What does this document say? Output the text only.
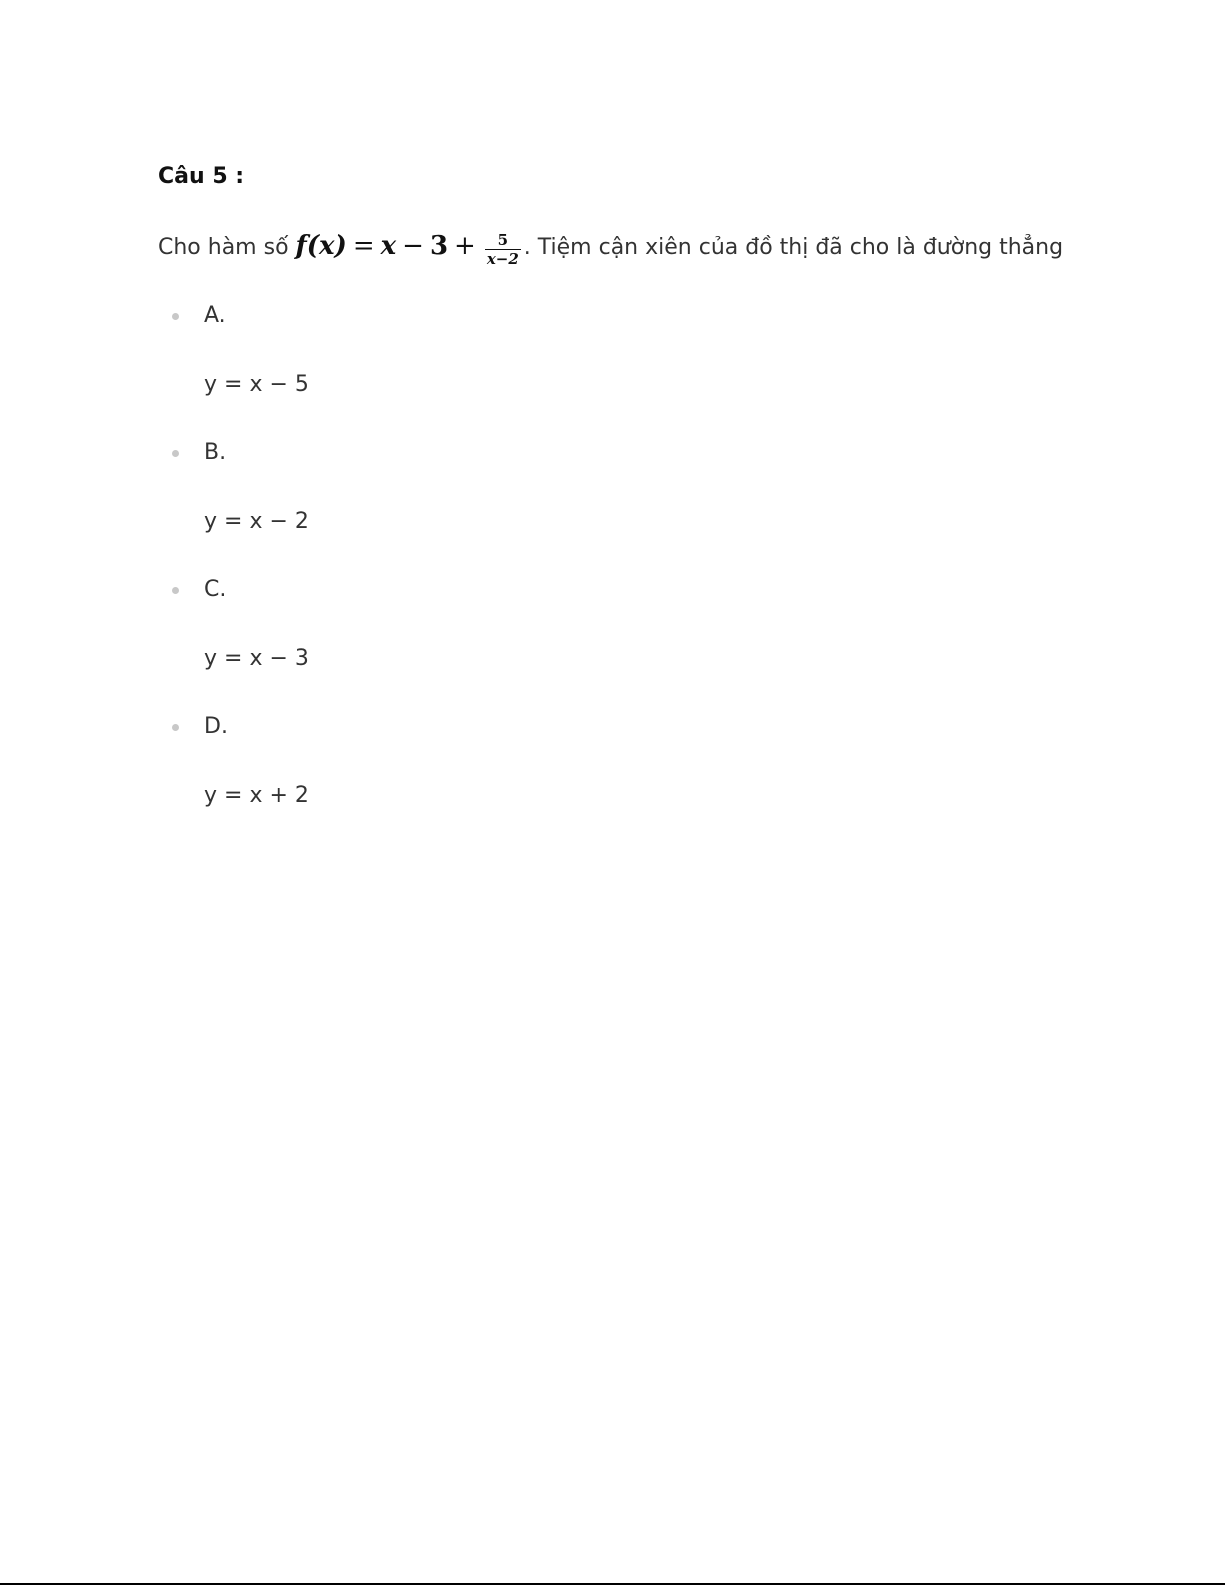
Câu 5 :

Cho hàm số $f(x) = x - 3 + \frac{5}{x-2}$ . Tiệm cận xiên của đồ thị đã cho là đường thẳng
A.
y = x − 5
B.
y = x − 2
C.
y = x − 3
D.
y = x + 2
